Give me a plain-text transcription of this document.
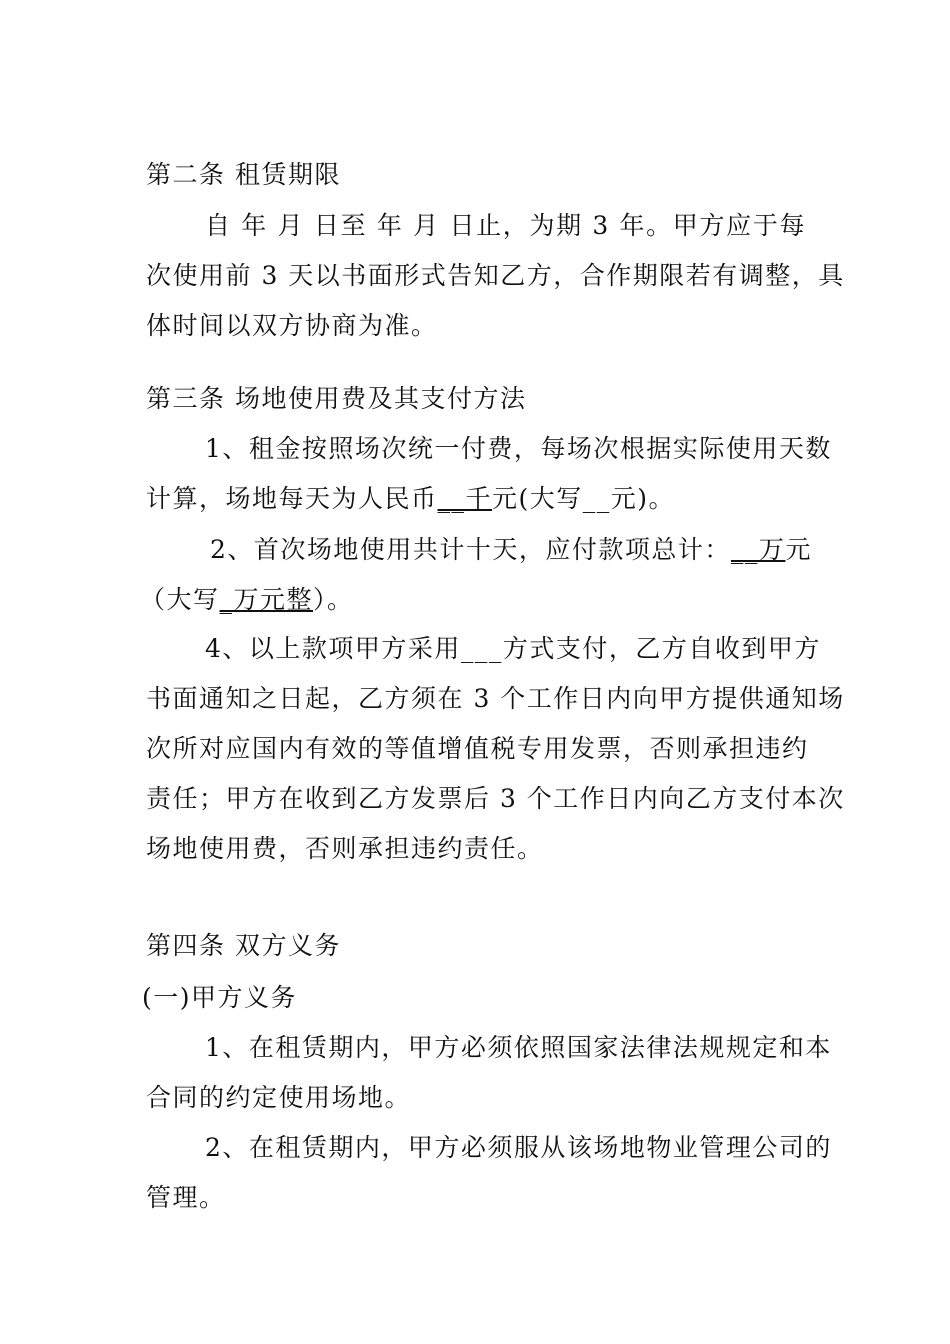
第二条 租赁期限
自 年 月 日至 年 月 日止，为期 3 年。甲方应于每
次使用前 3 天以书面形式告知乙方，合作期限若有调整，具
体时间以双方协商为准。
第三条 场地使用费及其支付方法
1、租金按照场次统一付费，每场次根据实际使用天数
计算，场地每天为人民币__千元(大写__元)。
2、首次场地使用共计十天，应付款项总计：__万元
（大写_万元整）。
4、以上款项甲方采用___方式支付，乙方自收到甲方
书面通知之日起，乙方须在 3 个工作日内向甲方提供通知场
次所对应国内有效的等值增值税专用发票，否则承担违约
责任；甲方在收到乙方发票后 3 个工作日内向乙方支付本次
场地使用费，否则承担违约责任。
第四条 双方义务
(一)甲方义务
1、在租赁期内，甲方必须依照国家法律法规规定和本
合同的约定使用场地。
2、在租赁期内，甲方必须服从该场地物业管理公司的
管理。
